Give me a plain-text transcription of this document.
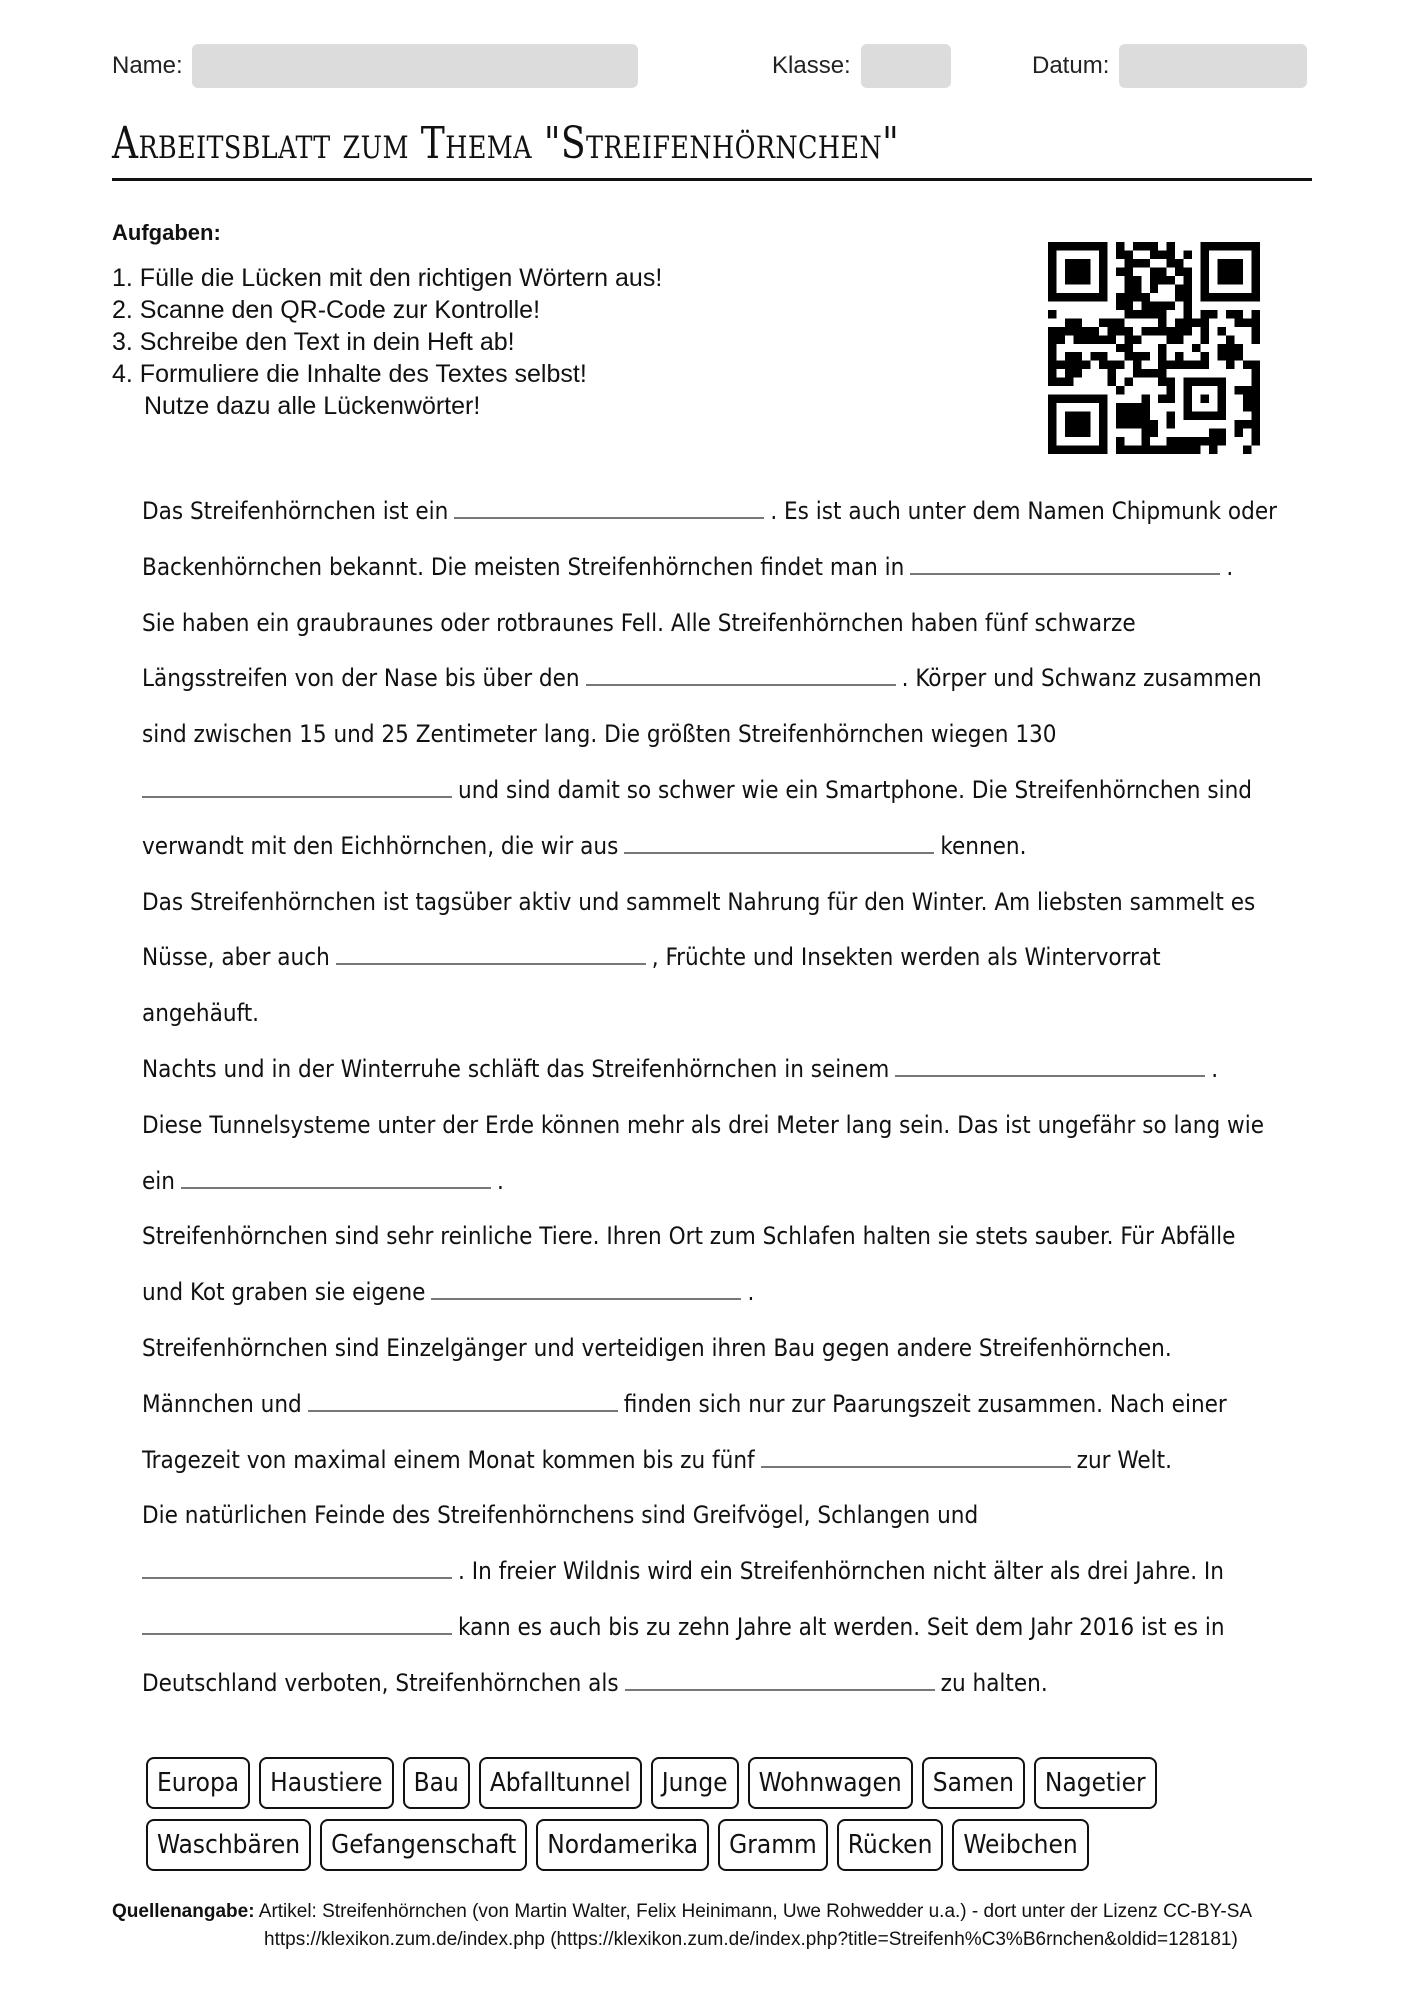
Name:	Klasse:	Datum:
Arbeitsblatt zum Thema "Streifenhörnchen"
Aufgaben:
1. Fülle die Lücken mit den richtigen Wörtern aus!
2. Scanne den QR-Code zur Kontrolle!
3. Schreibe den Text in dein Heft ab!
4. Formuliere die Inhalte des Textes selbst!
Nutze dazu alle Lückenwörter!
Das Streifenhörnchen ist ein	. Es ist auch unter dem Namen Chipmunk oder
Backenhörnchen bekannt. Die meisten Streifenhörnchen findet man in	.
Sie haben ein graubraunes oder rotbraunes Fell. Alle Streifenhörnchen haben fünf schwarze
Längsstreifen von der Nase bis über den	. Körper und Schwanz zusammen
sind zwischen 15 und 25 Zentimeter lang. Die größten Streifenhörnchen wiegen 130
und sind damit so schwer wie ein Smartphone. Die Streifenhörnchen sind
verwandt mit den Eichhörnchen, die wir aus	kennen.
Das Streifenhörnchen ist tagsüber aktiv und sammelt Nahrung für den Winter. Am liebsten sammelt es
Nüsse, aber auch	, Früchte und Insekten werden als Wintervorrat
angehäuft.
Nachts und in der Winterruhe schläft das Streifenhörnchen in seinem	.
Diese Tunnelsysteme unter der Erde können mehr als drei Meter lang sein. Das ist ungefähr so lang wie
ein	.
Streifenhörnchen sind sehr reinliche Tiere. Ihren Ort zum Schlafen halten sie stets sauber. Für Abfälle
und Kot graben sie eigene	.
Streifenhörnchen sind Einzelgänger und verteidigen ihren Bau gegen andere Streifenhörnchen.
Männchen und	finden sich nur zur Paarungszeit zusammen. Nach einer
Tragezeit von maximal einem Monat kommen bis zu fünf	zur Welt.
Die natürlichen Feinde des Streifenhörnchens sind Greifvögel, Schlangen und
. In freier Wildnis wird ein Streifenhörnchen nicht älter als drei Jahre. In
kann es auch bis zu zehn Jahre alt werden. Seit dem Jahr 2016 ist es in
Deutschland verboten, Streifenhörnchen als	zu halten.
Europa	Haustiere	Bau	Abfalltunnel	Junge	Wohnwagen	Samen	Nagetier
Waschbären	Gefangenschaft	Nordamerika	Gramm	Rücken	Weibchen
Quellenangabe: Artikel: Streifenhörnchen (von Martin Walter, Felix Heinimann, Uwe Rohwedder u.a.) - dort unter der Lizenz CC-BY-SA
https://klexikon.zum.de/index.php (https://klexikon.zum.de/index.php?title=Streifenh%C3%B6rnchen&oldid=128181)
